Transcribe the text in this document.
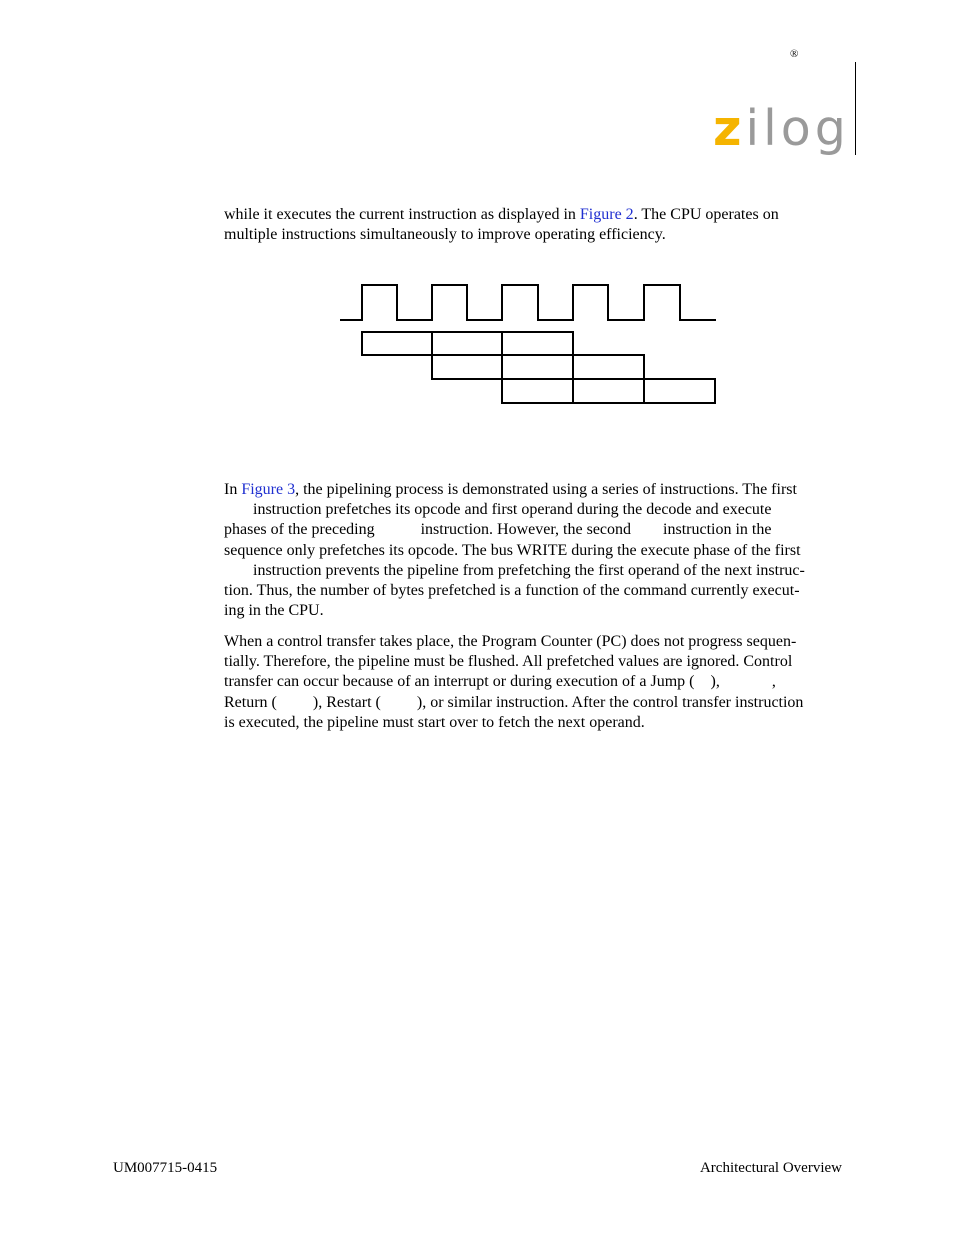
®
zilog

while it executes the current instruction as displayed in Figure 2. The CPU operates on
multiple instructions simultaneously to improve operating efficiency.

In Figure 3, the pipelining process is demonstrated using a series of instructions. The first
instruction prefetches its opcode and first operand during the decode and execute
phases of the preceding	instruction. However, the second instruction in the
sequence only prefetches its opcode. The bus WRITE during the execute phase of the first
instruction prevents the pipeline from prefetching the first operand of the next instruc-
tion. Thus, the number of bytes prefetched is a function of the command currently execut-
ing in the CPU.

When a control transfer takes place, the Program Counter (PC) does not progress sequen-
tially. Therefore, the pipeline must be flushed. All prefetched values are ignored. Control
transfer can occur because of an interrupt or during execution of a Jump ( ),	,
Return ( ), Restart ( ), or similar instruction. After the control transfer instruction
is executed, the pipeline must start over to fetch the next operand.

UM007715-0415	Architectural Overview
